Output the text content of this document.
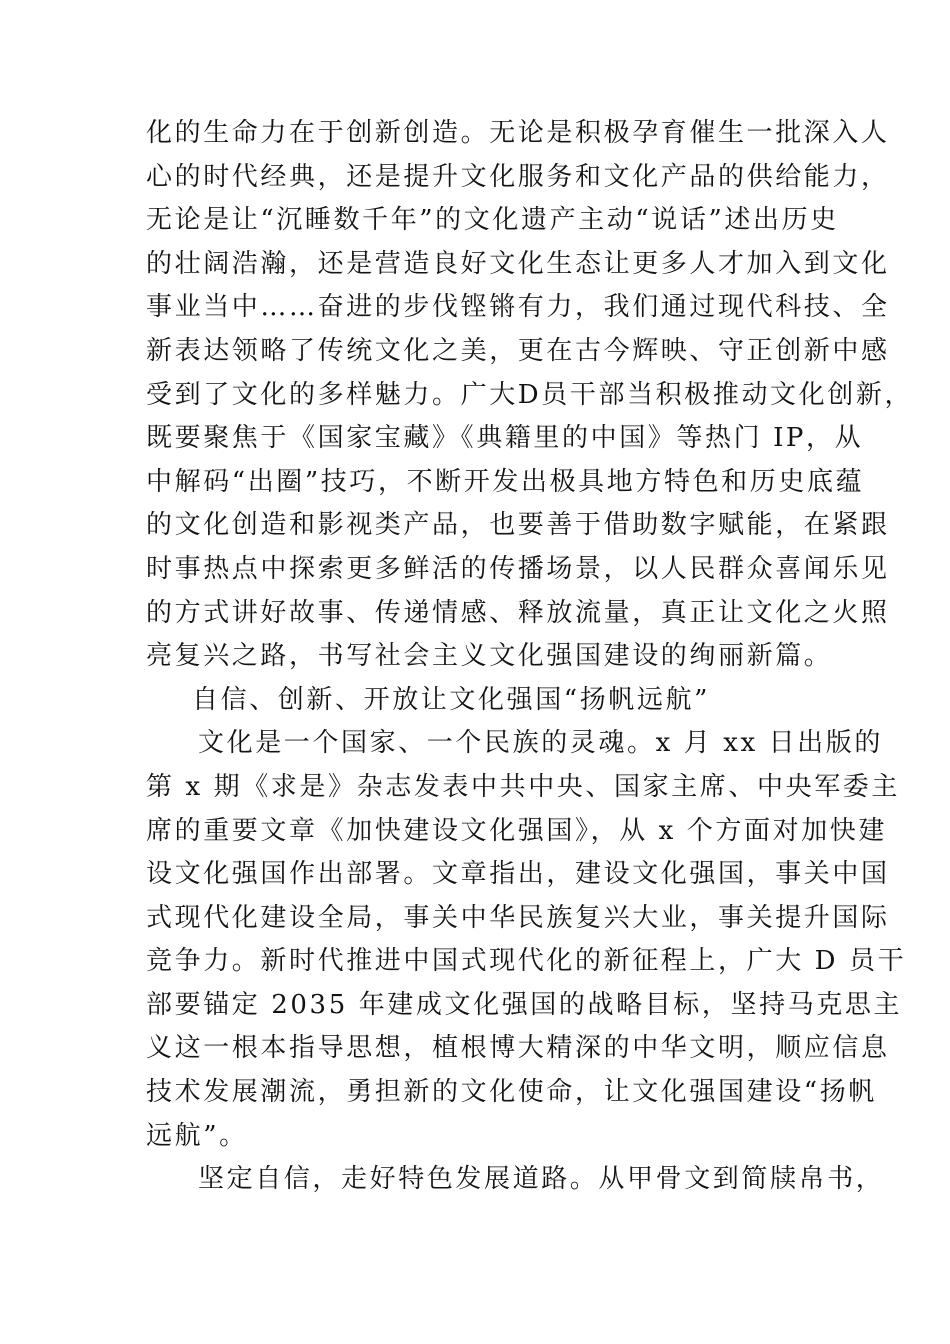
化的生命力在于创新创造。无论是积极孕育催生一批深入人
心的时代经典，还是提升文化服务和文化产品的供给能力，
无论是让“沉睡数千年”的文化遗产主动“说话”述出历史
的壮阔浩瀚，还是营造良好文化生态让更多人才加入到文化
事业当中……奋进的步伐铿锵有力，我们通过现代科技、全
新表达领略了传统文化之美，更在古今辉映、守正创新中感
受到了文化的多样魅力。广大D员干部当积极推动文化创新，
既要聚焦于《国家宝藏》《典籍里的中国》等热门 IP，从
中解码“出圈”技巧，不断开发出极具地方特色和历史底蕴
的文化创造和影视类产品，也要善于借助数字赋能，在紧跟
时事热点中探索更多鲜活的传播场景，以人民群众喜闻乐见
的方式讲好故事、传递情感、释放流量，真正让文化之火照
亮复兴之路，书写社会主义文化强国建设的绚丽新篇。
自信、创新、开放让文化强国“扬帆远航”
文化是一个国家、一个民族的灵魂。x 月 xx 日出版的
第 x 期《求是》杂志发表中共中央、国家主席、中央军委主
席的重要文章《加快建设文化强国》，从 x 个方面对加快建
设文化强国作出部署。文章指出，建设文化强国，事关中国
式现代化建设全局，事关中华民族复兴大业，事关提升国际
竞争力。新时代推进中国式现代化的新征程上，广大 D 员干
部要锚定 2035 年建成文化强国的战略目标，坚持马克思主
义这一根本指导思想，植根博大精深的中华文明，顺应信息
技术发展潮流，勇担新的文化使命，让文化强国建设“扬帆
远航”。
坚定自信，走好特色发展道路。从甲骨文到简牍帛书，
